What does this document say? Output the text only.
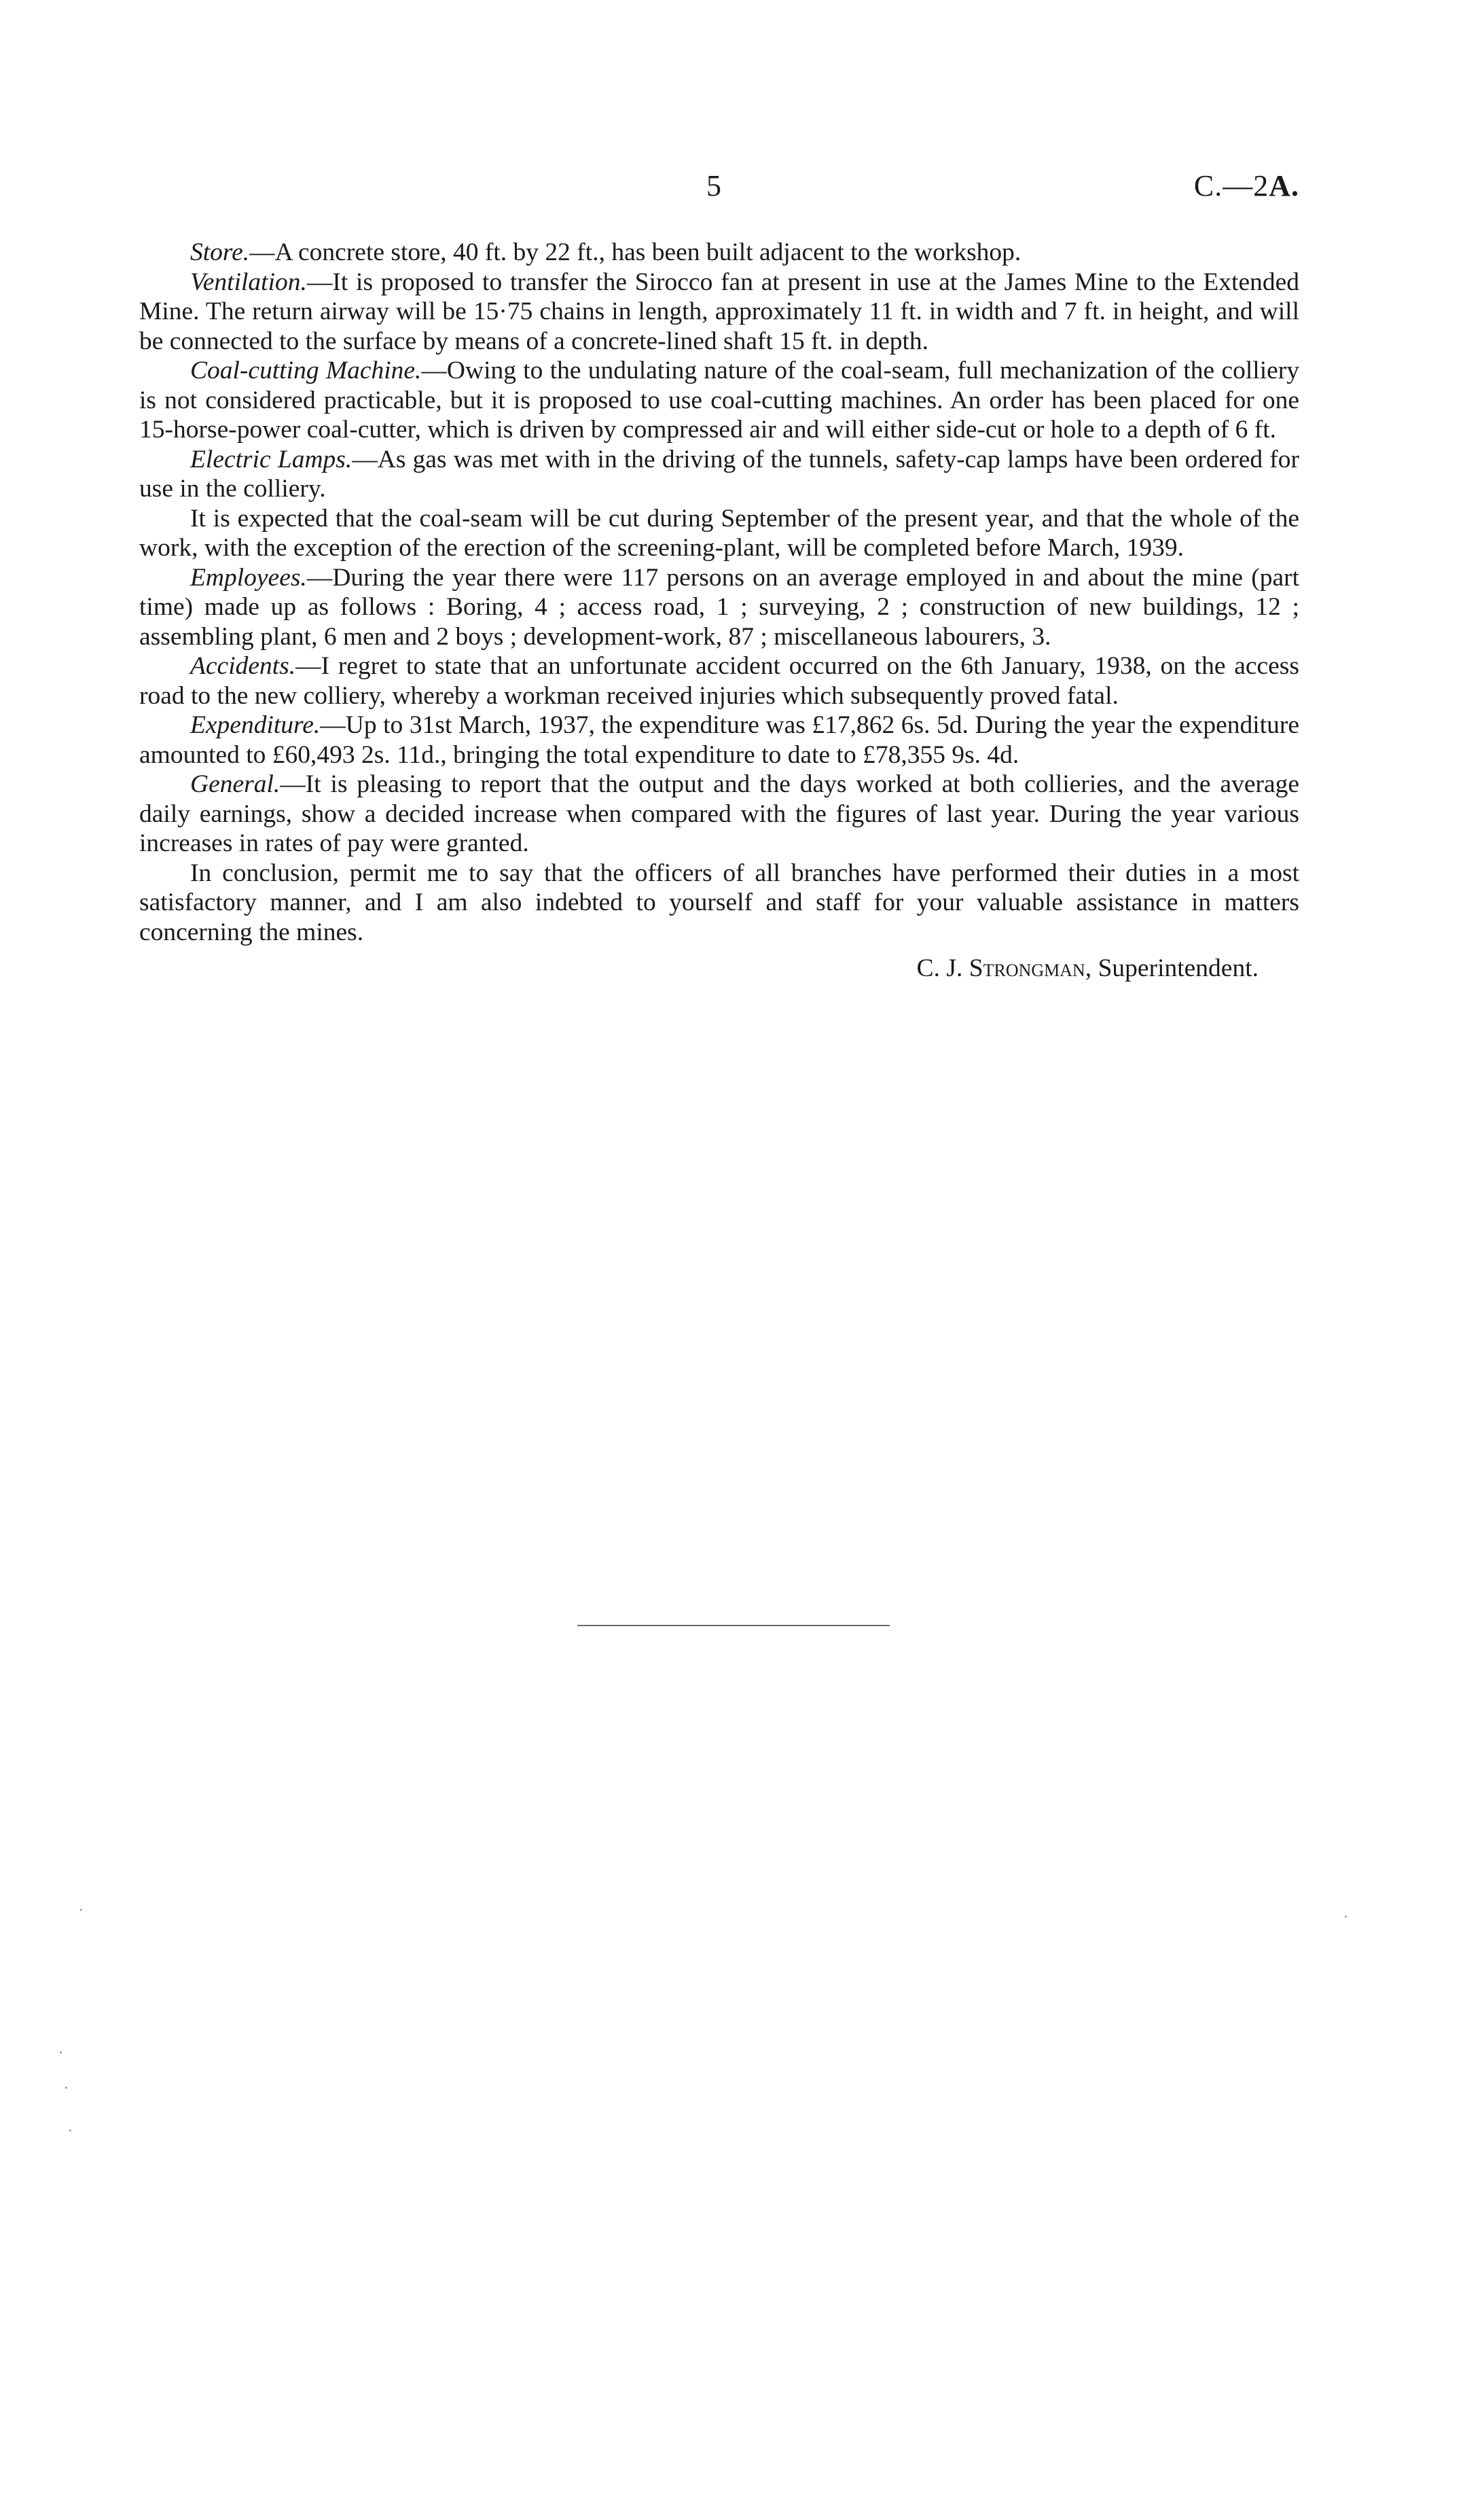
5	C.—2A.

Store.—A concrete store, 40 ft. by 22 ft., has been built adjacent to the workshop.

Ventilation.—It is proposed to transfer the Sirocco fan at present in use at the James Mine to the Extended Mine. The return airway will be 15·75 chains in length, approximately 11 ft. in width and 7 ft. in height, and will be connected to the surface by means of a concrete-lined shaft 15 ft. in depth.

Coal-cutting Machine.—Owing to the undulating nature of the coal-seam, full mechanization of the colliery is not considered practicable, but it is proposed to use coal-cutting machines. An order has been placed for one 15-horse-power coal-cutter, which is driven by compressed air and will either side-cut or hole to a depth of 6 ft.

Electric Lamps.—As gas was met with in the driving of the tunnels, safety-cap lamps have been ordered for use in the colliery.

It is expected that the coal-seam will be cut during September of the present year, and that the whole of the work, with the exception of the erection of the screening-plant, will be completed before March, 1939.

Employees.—During the year there were 117 persons on an average employed in and about the mine (part time) made up as follows : Boring, 4 ; access road, 1 ; surveying, 2 ; construction of new buildings, 12 ; assembling plant, 6 men and 2 boys ; development-work, 87 ; miscellaneous labourers, 3.

Accidents.—I regret to state that an unfortunate accident occurred on the 6th January, 1938, on the access road to the new colliery, whereby a workman received injuries which subsequently proved fatal.

Expenditure.—Up to 31st March, 1937, the expenditure was £17,862 6s. 5d. During the year the expenditure amounted to £60,493 2s. 11d., bringing the total expenditure to date to £78,355 9s. 4d.

General.—It is pleasing to report that the output and the days worked at both collieries, and the average daily earnings, show a decided increase when compared with the figures of last year. During the year various increases in rates of pay were granted.

In conclusion, permit me to say that the officers of all branches have performed their duties in a most satisfactory manner, and I am also indebted to yourself and staff for your valuable assistance in matters concerning the mines.

C. J. Strongman, Superintendent.
